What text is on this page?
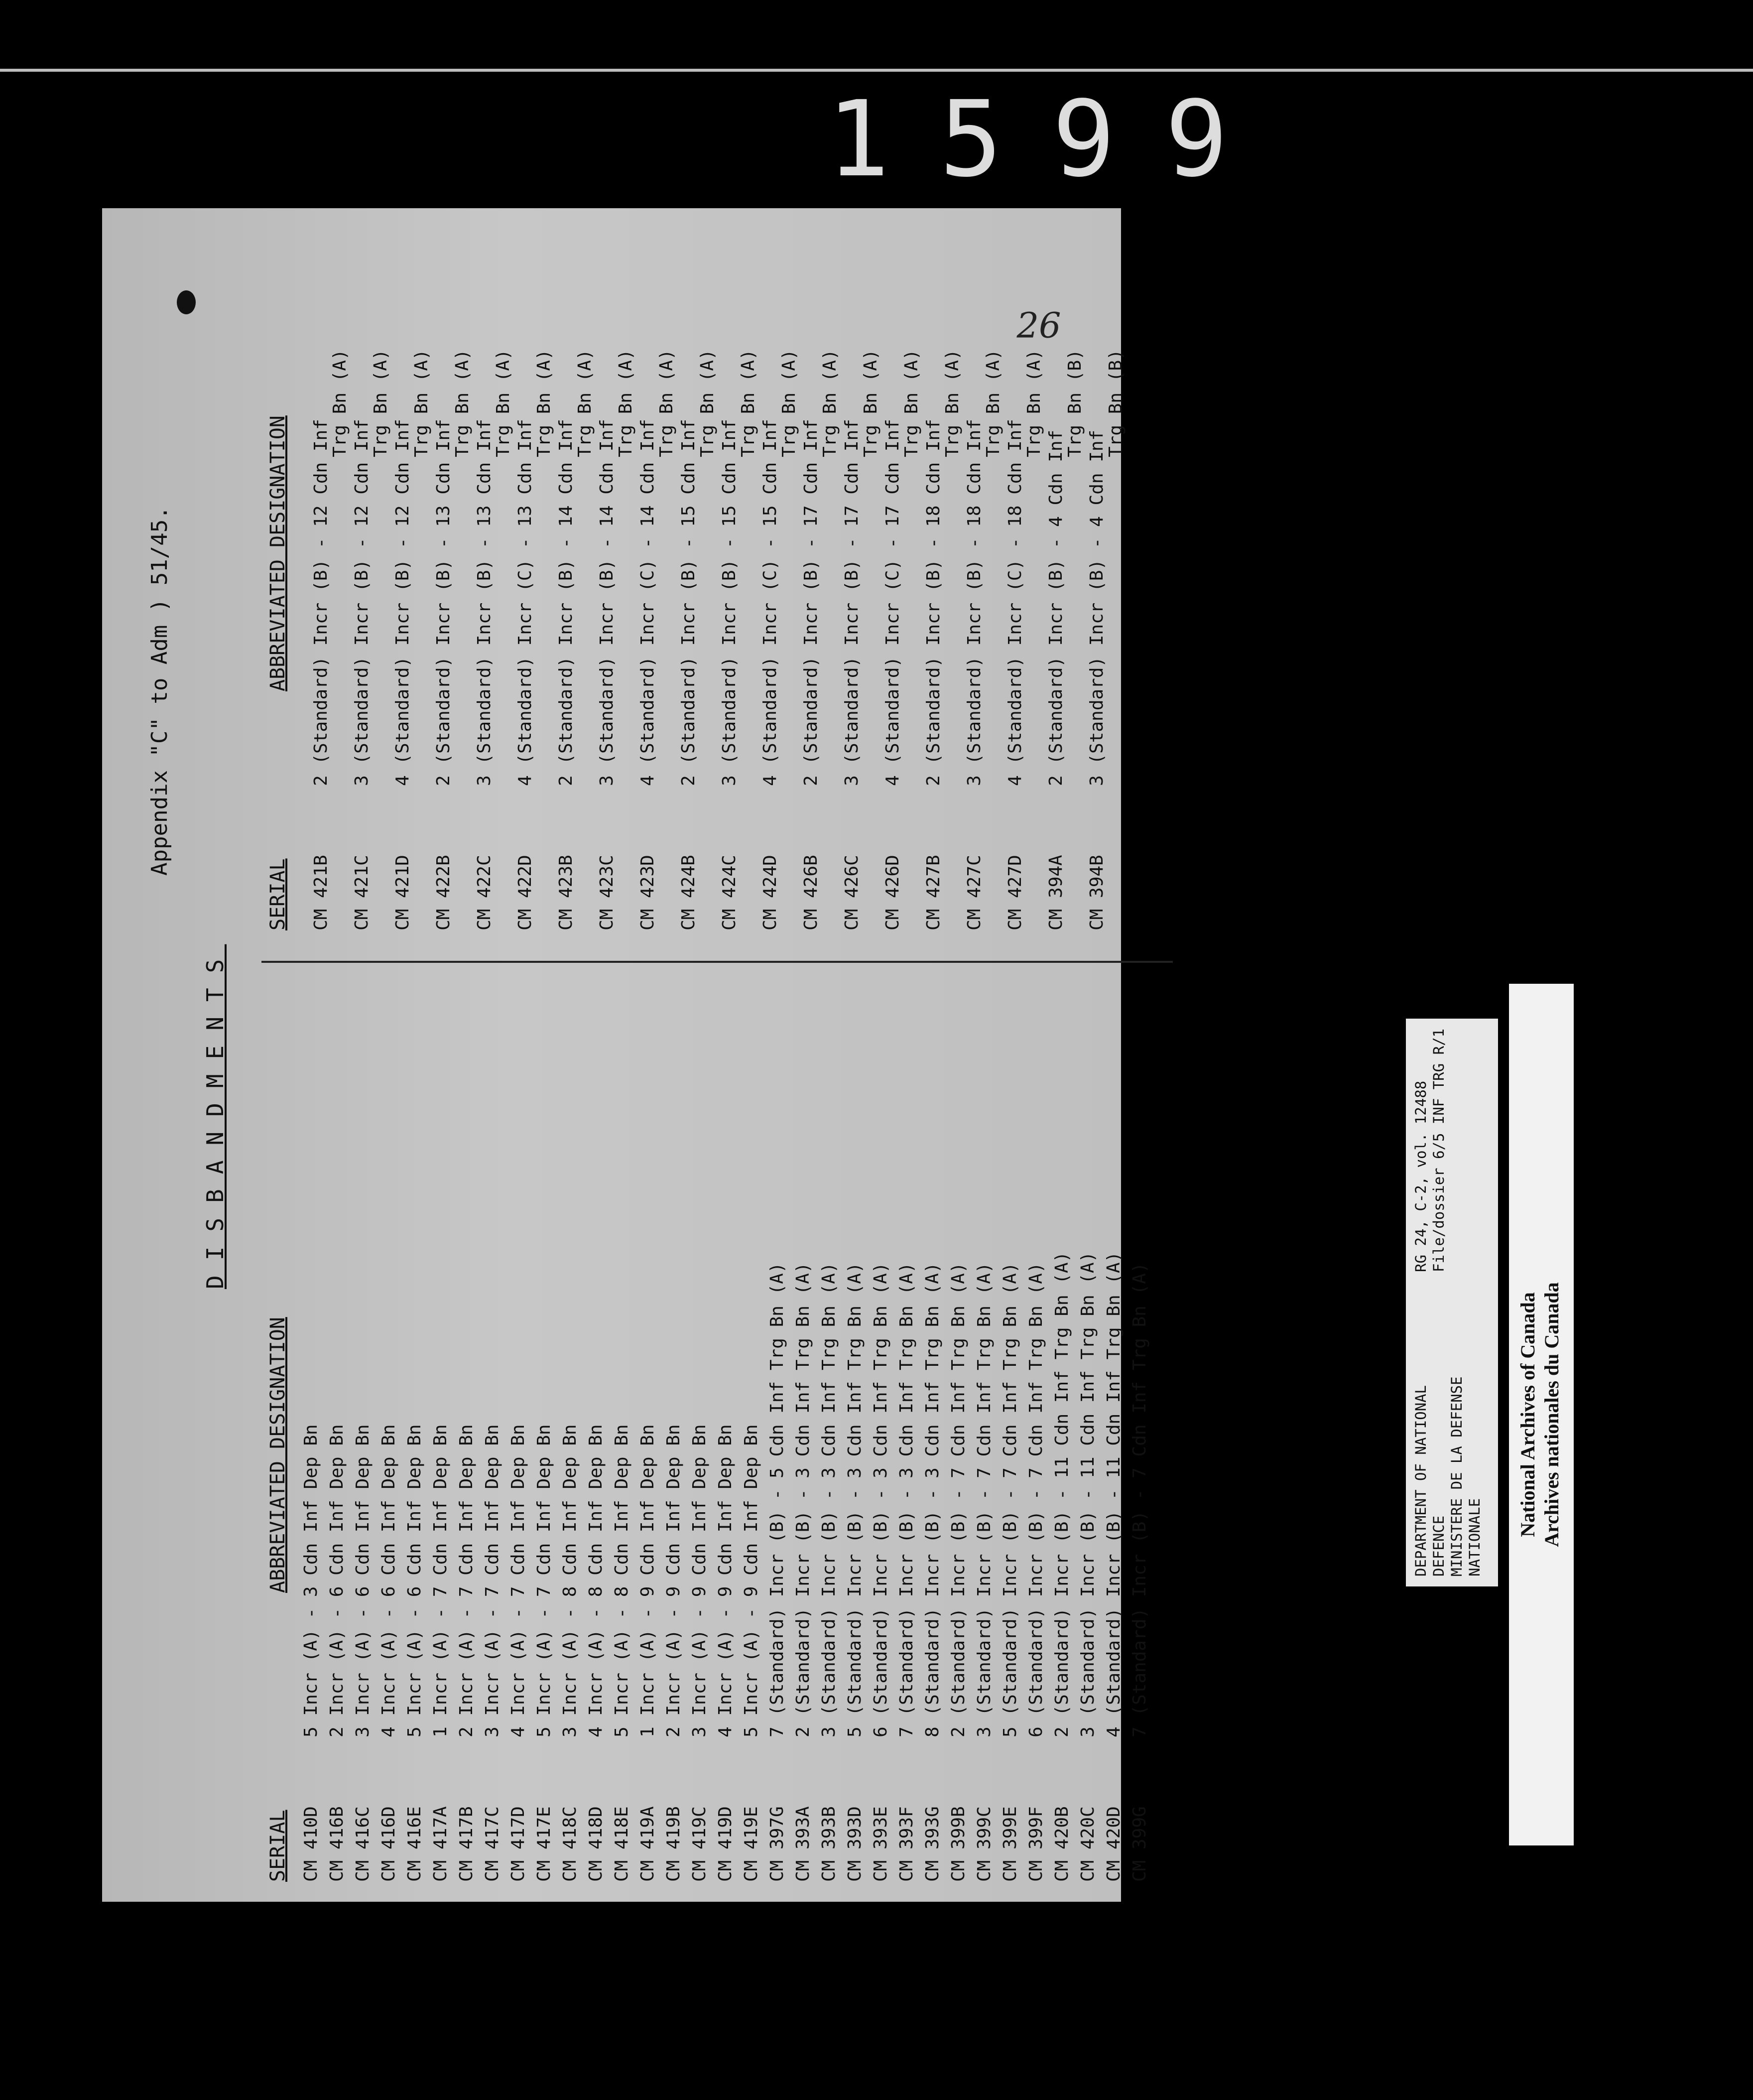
1599
Appendix "C" to Adm ) 51/45.
DISBANDMENTS
SERIAL
ABBREVIATED DESIGNATION
CM 410D
5 Incr (A) - 3 Cdn Inf Dep Bn
CM 416B
2 Incr (A) - 6 Cdn Inf Dep Bn
CM 416C
3 Incr (A) - 6 Cdn Inf Dep Bn
CM 416D
4 Incr (A) - 6 Cdn Inf Dep Bn
CM 416E
5 Incr (A) - 6 Cdn Inf Dep Bn
CM 417A
1 Incr (A) - 7 Cdn Inf Dep Bn
CM 417B
2 Incr (A) - 7 Cdn Inf Dep Bn
CM 417C
3 Incr (A) - 7 Cdn Inf Dep Bn
CM 417D
4 Incr (A) - 7 Cdn Inf Dep Bn
CM 417E
5 Incr (A) - 7 Cdn Inf Dep Bn
CM 418C
3 Incr (A) - 8 Cdn Inf Dep Bn
CM 418D
4 Incr (A) - 8 Cdn Inf Dep Bn
CM 418E
5 Incr (A) - 8 Cdn Inf Dep Bn
CM 419A
1 Incr (A) - 9 Cdn Inf Dep Bn
CM 419B
2 Incr (A) - 9 Cdn Inf Dep Bn
CM 419C
3 Incr (A) - 9 Cdn Inf Dep Bn
CM 419D
4 Incr (A) - 9 Cdn Inf Dep Bn
CM 419E
5 Incr (A) - 9 Cdn Inf Dep Bn
CM 397G
7 (Standard) Incr (B) - 5 Cdn Inf Trg Bn (A)
CM 393A
2 (Standard) Incr (B) - 3 Cdn Inf Trg Bn (A)
CM 393B
3 (Standard) Incr (B) - 3 Cdn Inf Trg Bn (A)
CM 393D
5 (Standard) Incr (B) - 3 Cdn Inf Trg Bn (A)
CM 393E
6 (Standard) Incr (B) - 3 Cdn Inf Trg Bn (A)
CM 393F
7 (Standard) Incr (B) - 3 Cdn Inf Trg Bn (A)
CM 393G
8 (Standard) Incr (B) - 3 Cdn Inf Trg Bn (A)
CM 399B
2 (Standard) Incr (B) - 7 Cdn Inf Trg Bn (A)
CM 399C
3 (Standard) Incr (B) - 7 Cdn Inf Trg Bn (A)
CM 399E
5 (Standard) Incr (B) - 7 Cdn Inf Trg Bn (A)
CM 399F
6 (Standard) Incr (B) - 7 Cdn Inf Trg Bn (A)
CM 420B
2 (Standard) Incr (B) - 11 Cdn Inf Trg Bn (A)
CM 420C
3 (Standard) Incr (B) - 11 Cdn Inf Trg Bn (A)
CM 420D
4 (Standard) Incr (B) - 11 Cdn Inf Trg Bn (A)
CM 399G
7 (Standard) Incr (B) - 7 Cdn Inf Trg Bn (A)
SERIAL
ABBREVIATED DESIGNATION
CM 421B
2 (Standard) Incr (B) - 12 Cdn Inf
Trg Bn (A)
CM 421C
3 (Standard) Incr (B) - 12 Cdn Inf
Trg Bn (A)
CM 421D
4 (Standard) Incr (B) - 12 Cdn Inf
Trg Bn (A)
CM 422B
2 (Standard) Incr (B) - 13 Cdn Inf
Trg Bn (A)
CM 422C
3 (Standard) Incr (B) - 13 Cdn Inf
Trg Bn (A)
CM 422D
4 (Standard) Incr (C) - 13 Cdn Inf
Trg Bn (A)
CM 423B
2 (Standard) Incr (B) - 14 Cdn Inf
Trg Bn (A)
CM 423C
3 (Standard) Incr (B) - 14 Cdn Inf
Trg Bn (A)
CM 423D
4 (Standard) Incr (C) - 14 Cdn Inf
Trg Bn (A)
CM 424B
2 (Standard) Incr (B) - 15 Cdn Inf
Trg Bn (A)
CM 424C
3 (Standard) Incr (B) - 15 Cdn Inf
Trg Bn (A)
CM 424D
4 (Standard) Incr (C) - 15 Cdn Inf
Trg Bn (A)
CM 426B
2 (Standard) Incr (B) - 17 Cdn Inf
Trg Bn (A)
CM 426C
3 (Standard) Incr (B) - 17 Cdn Inf
Trg Bn (A)
CM 426D
4 (Standard) Incr (C) - 17 Cdn Inf
Trg Bn (A)
CM 427B
2 (Standard) Incr (B) - 18 Cdn Inf
Trg Bn (A)
CM 427C
3 (Standard) Incr (B) - 18 Cdn Inf
Trg Bn (A)
CM 427D
4 (Standard) Incr (C) - 18 Cdn Inf
Trg Bn (A)
CM 394A
2 (Standard) Incr (B) - 4 Cdn Inf
Trg Bn (B)
CM 394B
3 (Standard) Incr (B) - 4 Cdn Inf
Trg Bn (B)
26
DEPARTMENT OF NATIONAL DEFENCE MINISTERE DE LA DEFENSE NATIONALE
RG 24, C-2, vol. 12488 File/dossier 6/5 INF TRG R/1
National Archives of Canada Archives nationales du Canada
